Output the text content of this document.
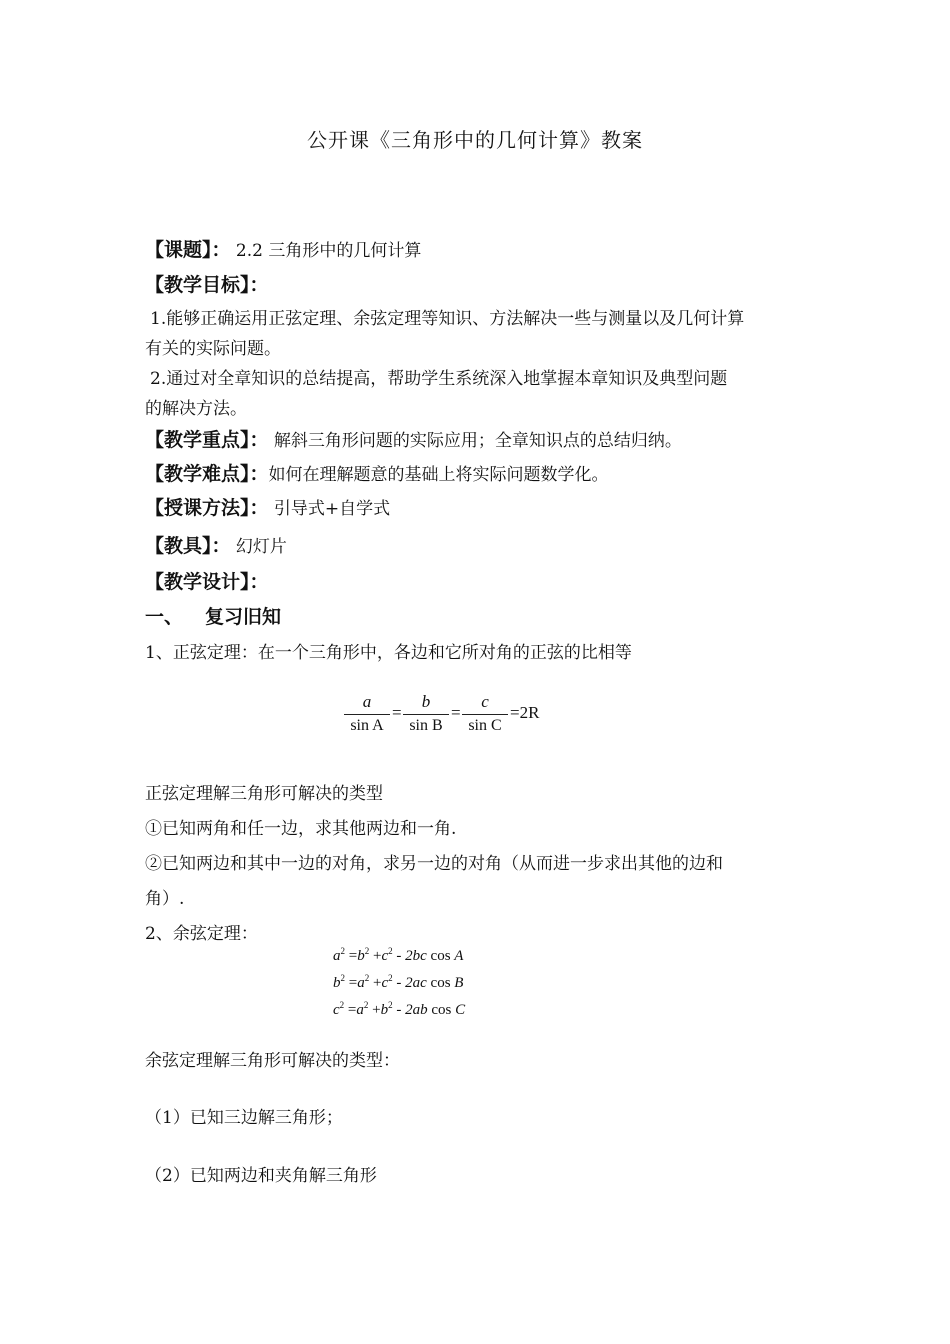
公开课《三角形中的几何计算》教案
【课题】： 2.2 三角形中的几何计算
【教学目标】：
1.能够正确运用正弦定理、余弦定理等知识、方法解决一些与测量以及几何计算
有关的实际问题。
2.通过对全章知识的总结提高，帮助学生系统深入地掌握本章知识及典型问题
的解决方法。
【教学重点】： 解斜三角形问题的实际应用；全章知识点的总结归纳。
【教学难点】：如何在理解题意的基础上将实际问题数学化。
【授课方法】： 引导式+自学式
【教具】： 幻灯片
【教学设计】：
一、 复习旧知
1、正弦定理：在一个三角形中，各边和它所对角的正弦的比相等
a
sin A
=
b
sin B
=
c
sin C
=2R
正弦定理解三角形可解决的类型
①已知两角和任一边，求其他两边和一角.
②已知两边和其中一边的对角，求另一边的对角（从而进一步求出其他的边和
角）.
2、余弦定理：
$a^2 =b^2 +c^2 - 2bc$ cos A
$b^2 =a^2 +c^2 - 2ac$ cos B
$c^2 =a^2 +b^2 - 2ab$ cos C
余弦定理解三角形可解决的类型：
（1）已知三边解三角形；
（2）已知两边和夹角解三角形
